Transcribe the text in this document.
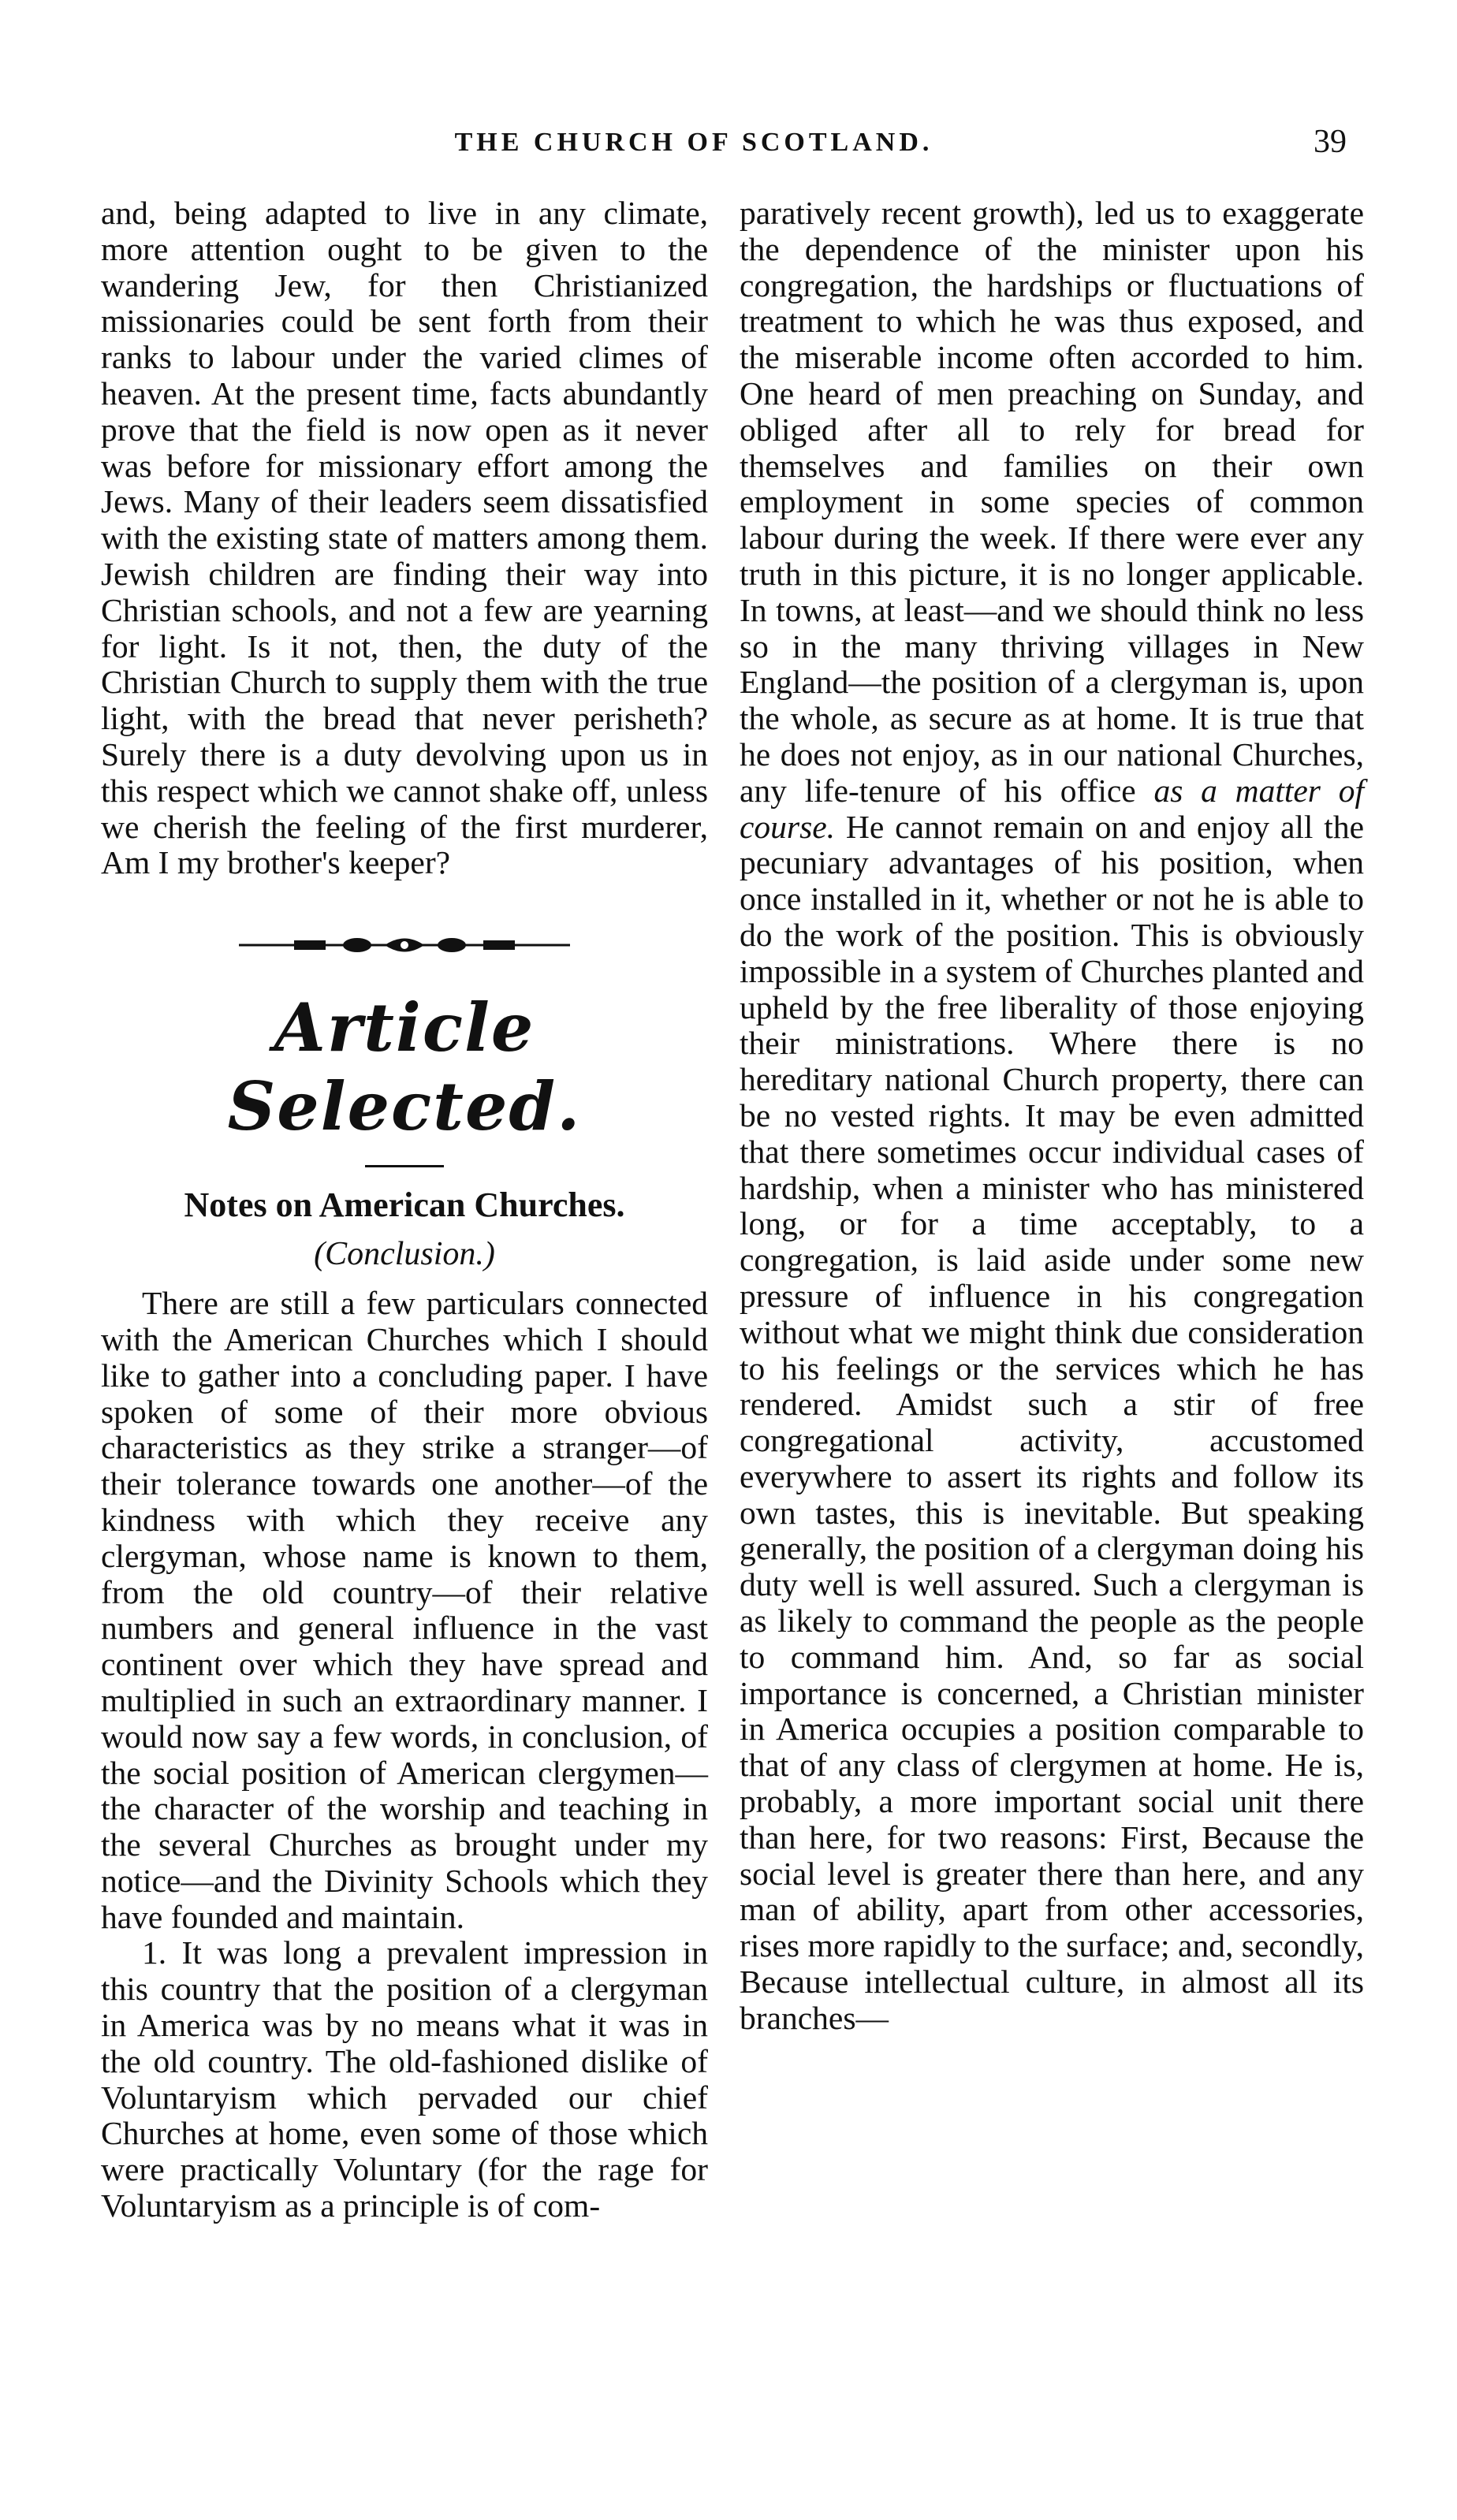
THE CHURCH OF SCOTLAND.	39

and, being adapted to live in any climate, more attention ought to be given to the wandering Jew, for then Christianized missionaries could be sent forth from their ranks to labour under the varied climes of heaven. At the present time, facts abundantly prove that the field is now open as it never was before for missionary effort among the Jews. Many of their leaders seem dissatisfied with the existing state of matters among them. Jewish children are finding their way into Christian schools, and not a few are yearning for light. Is it not, then, the duty of the Christian Church to supply them with the true light, with the bread that never perisheth? Surely there is a duty devolving upon us in this respect which we cannot shake off, unless we cherish the feeling of the first murderer, Am I my brother's keeper?

Article Selected.
Notes on American Churches.
(Conclusion.)

There are still a few particulars connected with the American Churches which I should like to gather into a concluding paper. I have spoken of some of their more obvious characteristics as they strike a stranger—of their tolerance towards one another—of the kindness with which they receive any clergyman, whose name is known to them, from the old country—of their relative numbers and general influence in the vast continent over which they have spread and multiplied in such an extraordinary manner. I would now say a few words, in conclusion, of the social position of American clergymen—the character of the worship and teaching in the several Churches as brought under my notice—and the Divinity Schools which they have founded and maintain.

1. It was long a prevalent impression in this country that the position of a clergyman in America was by no means what it was in the old country. The old-fashioned dislike of Voluntaryism which pervaded our chief Churches at home, even some of those which were practically Voluntary (for the rage for Voluntaryism as a principle is of com-

paratively recent growth), led us to exaggerate the dependence of the minister upon his congregation, the hardships or fluctuations of treatment to which he was thus exposed, and the miserable income often accorded to him. One heard of men preaching on Sunday, and obliged after all to rely for bread for themselves and families on their own employment in some species of common labour during the week. If there were ever any truth in this picture, it is no longer applicable. In towns, at least—and we should think no less so in the many thriving villages in New England—the position of a clergyman is, upon the whole, as secure as at home. It is true that he does not enjoy, as in our national Churches, any life-tenure of his office as a matter of course. He cannot remain on and enjoy all the pecuniary advantages of his position, when once installed in it, whether or not he is able to do the work of the position. This is obviously impossible in a system of Churches planted and upheld by the free liberality of those enjoying their ministrations. Where there is no hereditary national Church property, there can be no vested rights. It may be even admitted that there sometimes occur individual cases of hardship, when a minister who has ministered long, or for a time acceptably, to a congregation, is laid aside under some new pressure of influence in his congregation without what we might think due consideration to his feelings or the services which he has rendered. Amidst such a stir of free congregational activity, accustomed everywhere to assert its rights and follow its own tastes, this is inevitable. But speaking generally, the position of a clergyman doing his duty well is well assured. Such a clergyman is as likely to command the people as the people to command him. And, so far as social importance is concerned, a Christian minister in America occupies a position comparable to that of any class of clergymen at home. He is, probably, a more important social unit there than here, for two reasons: First, Because the social level is greater there than here, and any man of ability, apart from other accessories, rises more rapidly to the surface; and, secondly, Because intellectual culture, in almost all its branches—
